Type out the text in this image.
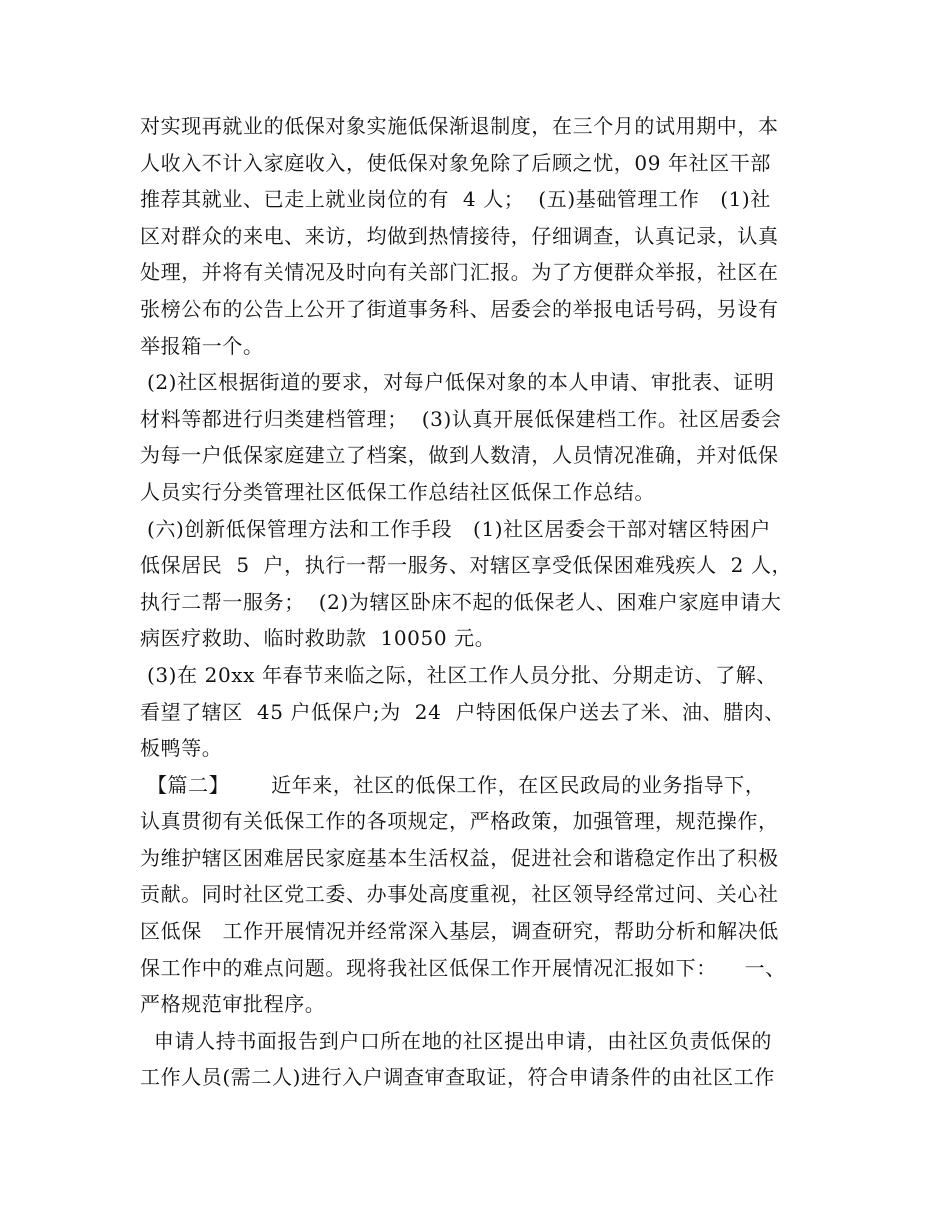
对实现再就业的低保对象实施低保渐退制度，在三个月的试用期中，本
人收入不计入家庭收入，使低保对象免除了后顾之忧，09 年社区干部
推荐其就业、已走上就业岗位的有  4 人；  (五)基础管理工作   (1)社
区对群众的来电、来访，均做到热情接待，仔细调查，认真记录，认真
处理，并将有关情况及时向有关部门汇报。为了方便群众举报，社区在
张榜公布的公告上公开了街道事务科、居委会的举报电话号码，另设有
举报箱一个。
(2)社区根据街道的要求，对每户低保对象的本人申请、审批表、证明
材料等都进行归类建档管理；  (3)认真开展低保建档工作。社区居委会
为每一户低保家庭建立了档案，做到人数清，人员情况准确，并对低保
人员实行分类管理社区低保工作总结社区低保工作总结。
(六)创新低保管理方法和工作手段   (1)社区居委会干部对辖区特困户
低保居民  5  户，执行一帮一服务、对辖区享受低保困难残疾人  2 人，
执行二帮一服务；  (2)为辖区卧床不起的低保老人、困难户家庭申请大
病医疗救助、临时救助款  10050 元。
(3)在 20xx 年春节来临之际，社区工作人员分批、分期走访、了解、
看望了辖区  45 户低保户;为  24  户特困低保户送去了米、油、腊肉、
板鸭等。
【篇二】      近年来，社区的低保工作，在区民政局的业务指导下，
认真贯彻有关低保工作的各项规定，严格政策，加强管理，规范操作，
为维护辖区困难居民家庭基本生活权益，促进社会和谐稳定作出了积极
贡献。同时社区党工委、办事处高度重视，社区领导经常过问、关心社
区低保   工作开展情况并经常深入基层，调查研究，帮助分析和解决低
保工作中的难点问题。现将我社区低保工作开展情况汇报如下：    一、
严格规范审批程序。
申请人持书面报告到户口所在地的社区提出申请，由社区负责低保的
工作人员(需二人)进行入户调查审查取证，符合申请条件的由社区工作
